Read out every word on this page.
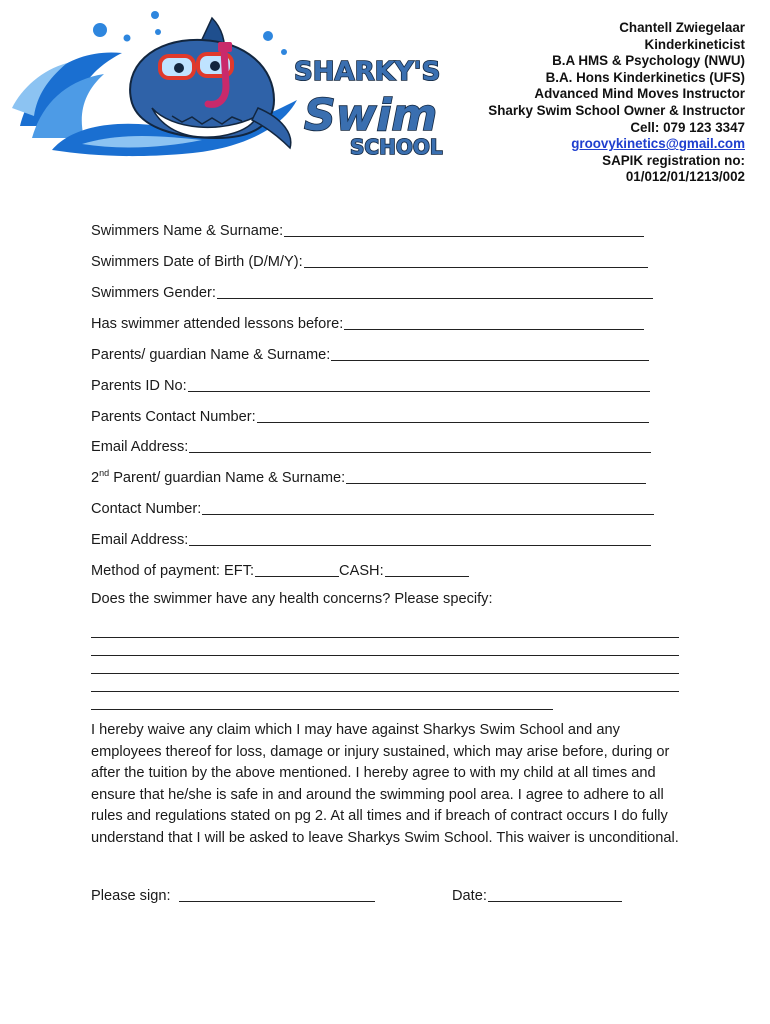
SHARKY'S
Swim
SCHOOL
Chantell Zwiegelaar
Kinderkineticist
B.A HMS & Psychology (NWU)
B.A. Hons Kinderkinetics (UFS)
Advanced Mind Moves Instructor
Sharky Swim School Owner & Instructor
Cell: 079 123 3347
groovykinetics@gmail.com
SAPIK registration no:
01/012/01/1213/002
Swimmers Name & Surname:
Swimmers Date of Birth (D/M/Y):
Swimmers Gender:
Has swimmer attended lessons before:
Parents/ guardian Name & Surname:
Parents ID No:
Parents Contact Number:
Email Address:
2nd Parent/ guardian Name & Surname:
Contact Number:
Email Address:
Method of payment: EFT:	CASH:
Does the swimmer have any health concerns? Please specify:
I hereby waive any claim which I may have against Sharkys Swim School and any employees thereof for loss, damage or injury sustained, which may arise before, during or after the tuition by the above mentioned. I hereby agree to with my child at all times and ensure that he/she is safe in and around the swimming pool area. I agree to adhere to all rules and regulations stated on pg 2. At all times and if breach of contract occurs I do fully understand that I will be asked to leave Sharkys Swim School. This waiver is unconditional.
Please sign:	Date:
